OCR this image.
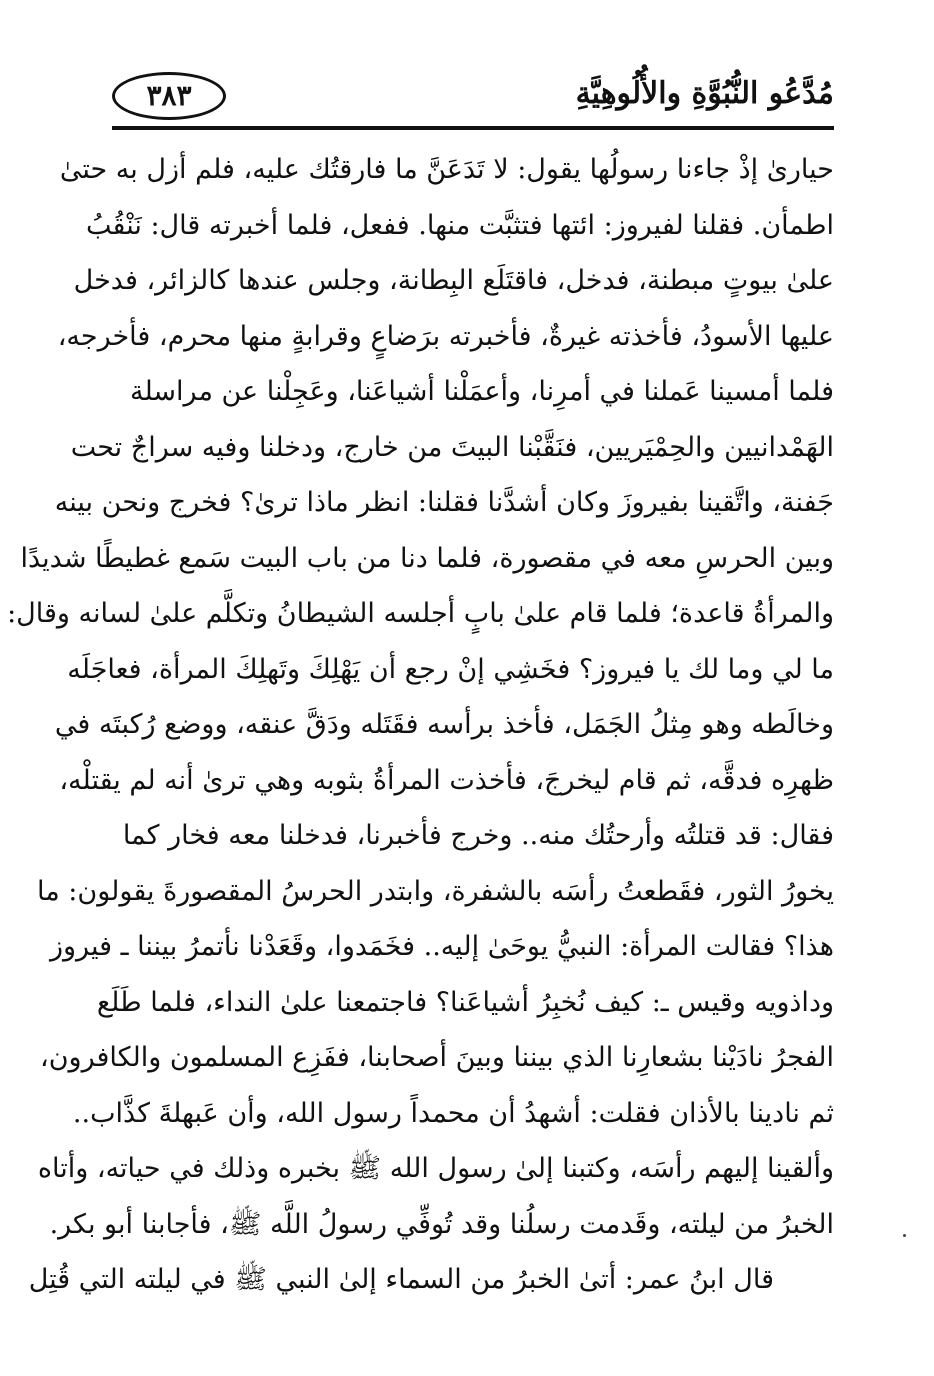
مُدَّعُو النُّبُوَّةِ والأُلُوهِيَّةِ
٣٨٣
حيارىٰ إذْ جاءنا رسولُها يقول: لا تَدَعَنَّ ما فارقتُك عليه، فلم أزل به حتىٰ
اطمأن. فقلنا لفيروز: ائتها فتثبَّت منها. ففعل، فلما أخبرته قال: نَنْقُبُ
علىٰ بيوتٍ مبطنة، فدخل، فاقتَلَع البِطانة، وجلس عندها كالزائر، فدخل
عليها الأسودُ، فأخذته غيرةٌ، فأخبرته برَضاعٍ وقرابةٍ منها محرم، فأخرجه،
فلما أمسينا عَملنا في أمرِنا، وأعمَلْنا أشياعَنا، وعَجِلْنا عن مراسلة
الهَمْدانيين والحِمْيَريين، فنَقَّبْنا البيتَ من خارج، ودخلنا وفيه سراجٌ تحت
جَفنة، واتَّقينا بفيروزَ وكان أشدَّنا فقلنا: انظر ماذا ترىٰ؟ فخرج ونحن بينه
وبين الحرسِ معه في مقصورة، فلما دنا من باب البيت سَمع غطيطًا شديدًا
والمرأةُ قاعدة؛ فلما قام علىٰ بابٍ أجلسه الشيطانُ وتكلَّم علىٰ لسانه وقال:
ما لي وما لك يا فيروز؟ فخَشِي إنْ رجع أن يَهْلِكَ وتَهلِكَ المرأة، فعاجَلَه
وخالَطه وهو مِثلُ الجَمَل، فأخذ برأسه فقَتَله ودَقَّ عنقه، ووضع رُكبتَه في
ظهرِه فدقَّه، ثم قام ليخرجَ، فأخذت المرأةُ بثوبه وهي ترىٰ أنه لم يقتلْه،
فقال: قد قتلتُه وأرحتُك منه.. وخرج فأخبرنا، فدخلنا معه فخار كما
يخورُ الثور، فقَطعتُ رأسَه بالشفرة، وابتدر الحرسُ المقصورةَ يقولون: ما
هذا؟ فقالت المرأة: النبيُّ يوحَىٰ إليه.. فخَمَدوا، وقَعَدْنا نأتمرُ بيننا ـ فيروز
وداذويه وقيس ـ: كيف نُخبِرُ أشياعَنا؟ فاجتمعنا علىٰ النداء، فلما طَلَع
الفجرُ نادَيْنا بشعارِنا الذي بيننا وبينَ أصحابنا، ففَزِع المسلمون والكافرون،
ثم نادينا بالأذان فقلت: أشهدُ أن محمداً رسول الله، وأن عَبهلةَ كذَّاب..
وألقينا إليهم رأسَه، وكتبنا إلىٰ رسول الله ﷺ بخبره وذلك في حياته، وأتاه
الخبرُ من ليلته، وقَدمت رسلُنا وقد تُوفِّي رسولُ اللَّه ﷺ، فأجابنا أبو بكر.
قال ابنُ عمر: أتىٰ الخبرُ من السماء إلىٰ النبي ﷺ في ليلته التي قُتِل
